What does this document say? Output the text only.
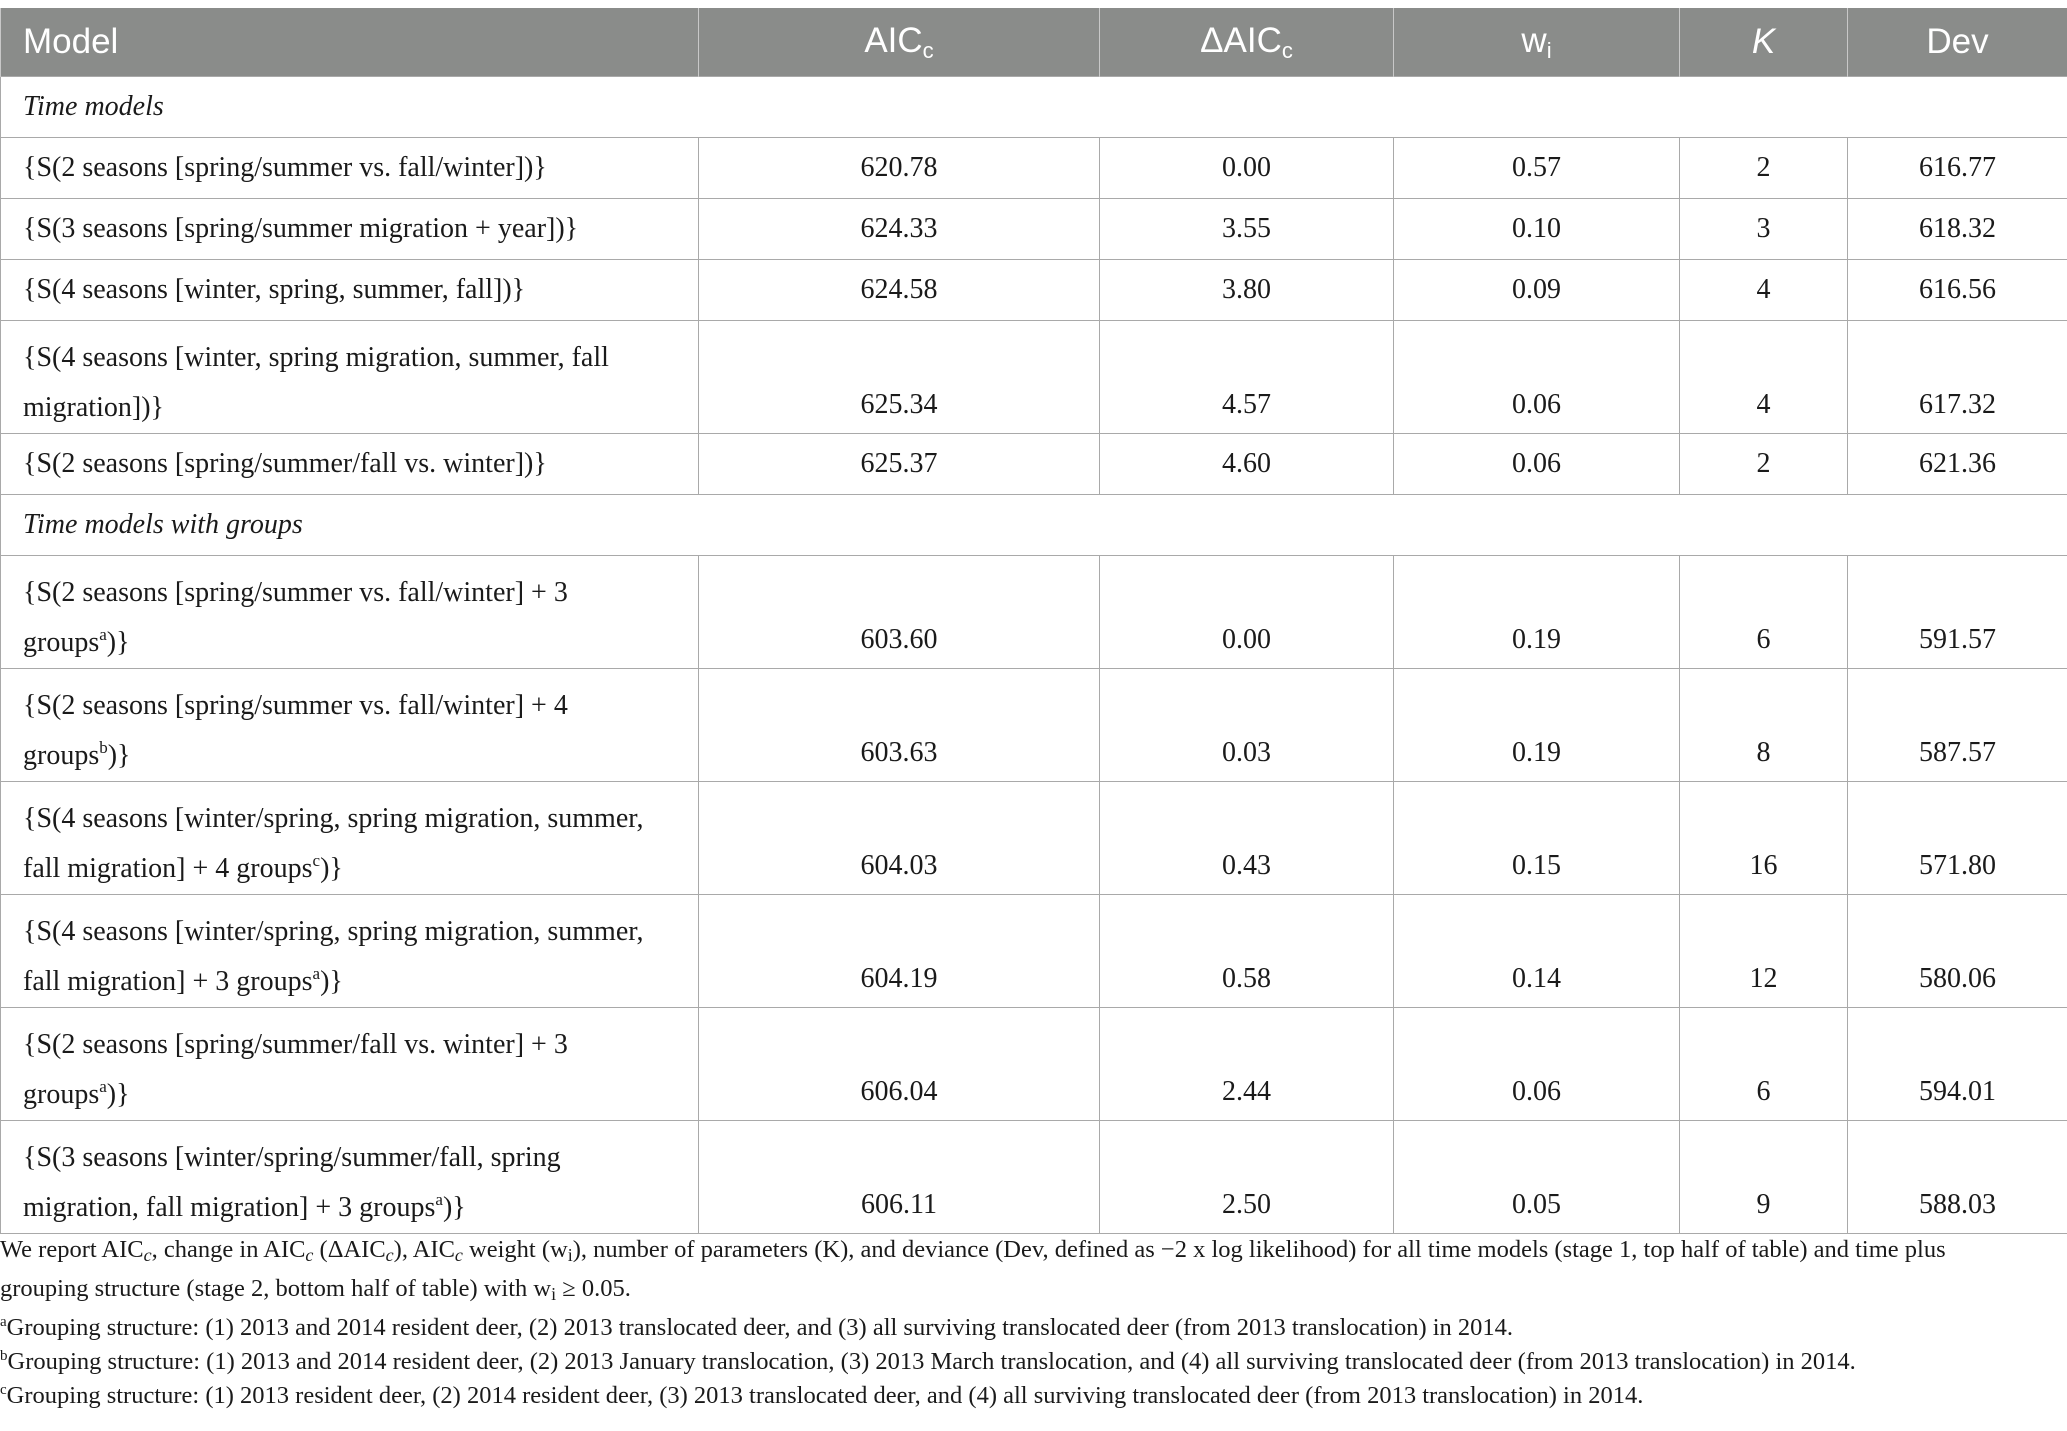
Model	$AIC_c$	$\Delta AIC_c$	$w_i$	K	Dev
Time models					
{S(2 seasons [spring/summer vs. fall/winter])}	620.78	0.00	0.57	2	616.77
{S(3 seasons [spring/summer migration + year])}	624.33	3.55	0.10	3	618.32
{S(4 seasons [winter, spring, summer, fall])}	624.58	3.80	0.09	4	616.56
{S(4 seasons [winter, spring migration, summer, fall
migration])}	625.34	4.57	0.06	4	617.32
{S(2 seasons [spring/summer/fall vs. winter])}	625.37	4.60	0.06	2	621.36
Time models with groups					
{S(2 seasons [spring/summer vs. fall/winter] + 3
groups$^a$)}	603.60	0.00	0.19	6	591.57
{S(2 seasons [spring/summer vs. fall/winter] + 4
groups$^b$)}	603.63	0.03	0.19	8	587.57
{S(4 seasons [winter/spring, spring migration, summer,
fall migration] + 4 groups$^c$)}	604.03	0.43	0.15	16	571.80
{S(4 seasons [winter/spring, spring migration, summer,
fall migration] + 3 groups$^a$)}	604.19	0.58	0.14	12	580.06
{S(2 seasons [spring/summer/fall vs. winter] + 3
groups$^a$)}	606.04	2.44	0.06	6	594.01
{S(3 seasons [winter/spring/summer/fall, spring
migration, fall migration] + 3 groups$^a$)}	606.11	2.50	0.05	9	588.03

We report AICc, change in AICc (ΔAICc), AICc weight (wi), number of parameters (K), and deviance (Dev, defined as −2 x log likelihood) for all time models (stage 1, top half of table) and time plus grouping structure (stage 2, bottom half of table) with wi ≥ 0.05.

$^a$Grouping structure: (1) 2013 and 2014 resident deer, (2) 2013 translocated deer, and (3) all surviving translocated deer (from 2013 translocation) in 2014.

$^b$Grouping structure: (1) 2013 and 2014 resident deer, (2) 2013 January translocation, (3) 2013 March translocation, and (4) all surviving translocated deer (from 2013 translocation) in 2014.

$^c$Grouping structure: (1) 2013 resident deer, (2) 2014 resident deer, (3) 2013 translocated deer, and (4) all surviving translocated deer (from 2013 translocation) in 2014.
